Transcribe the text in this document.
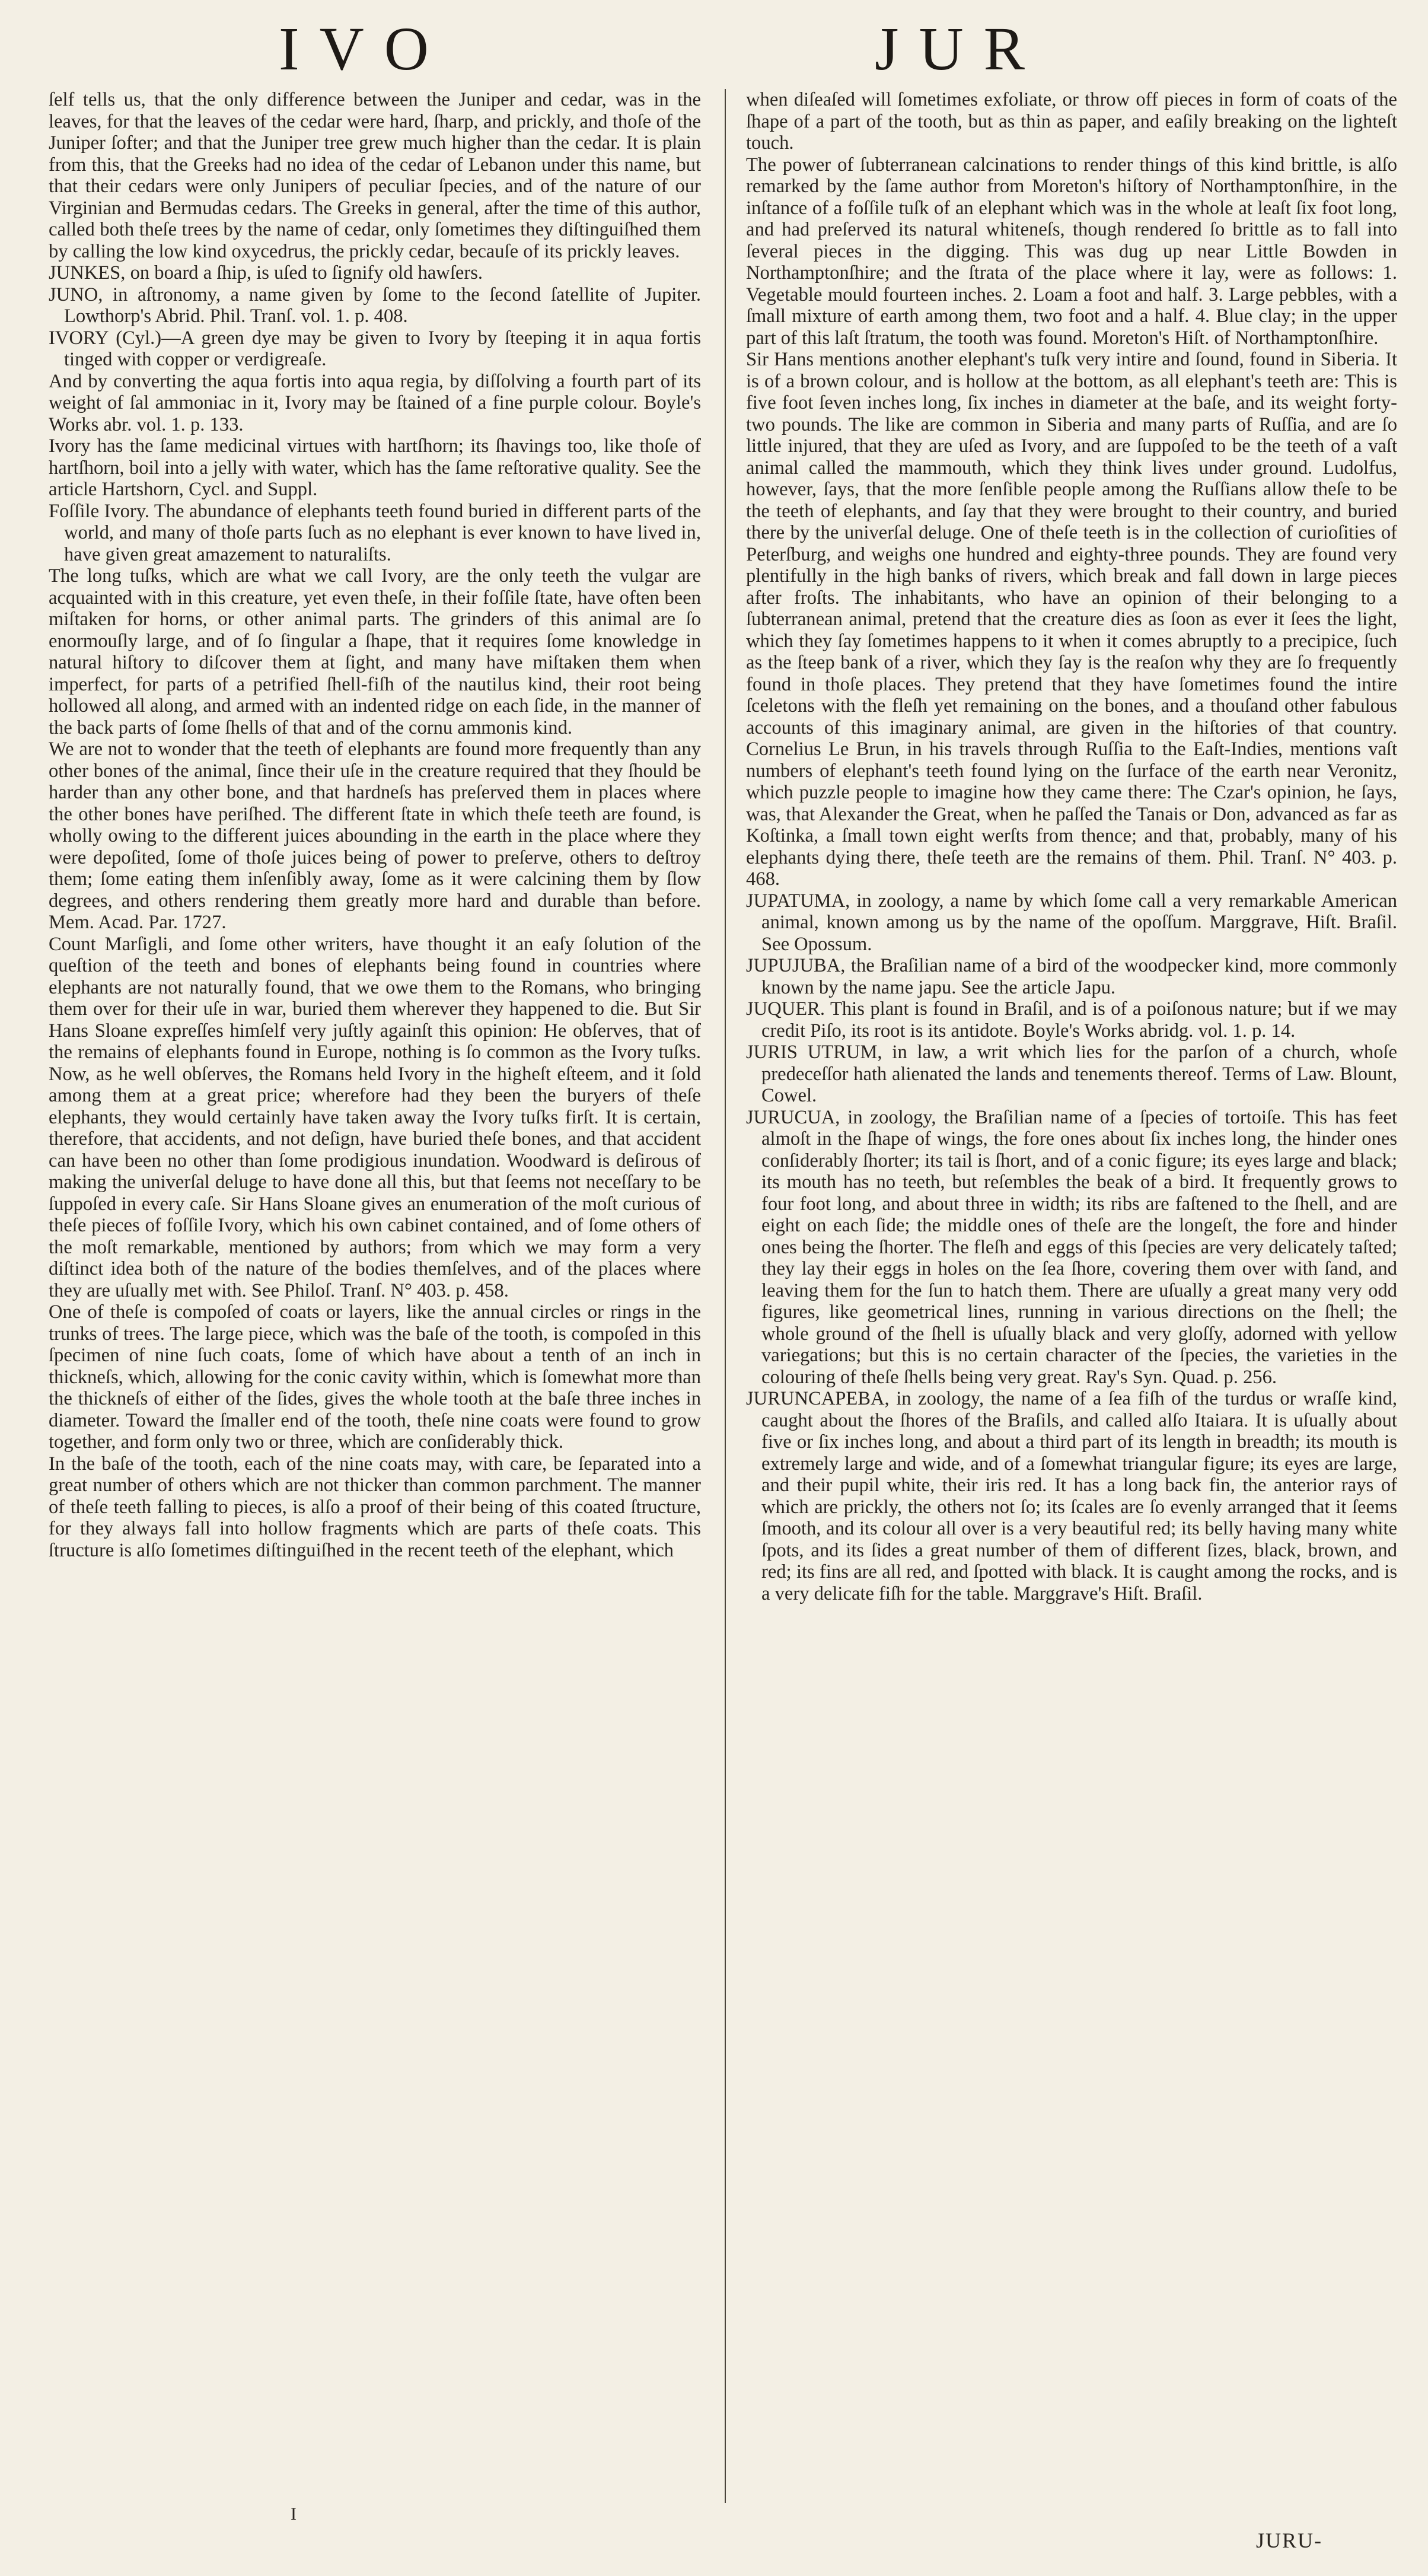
IVO	JUR

ſelf tells us, that the only difference between the Juniper and cedar, was in the leaves, for that the leaves of the cedar were hard, ſharp, and prickly, and thoſe of the Juniper ſofter; and that the Juniper tree grew much higher than the cedar. It is plain from this, that the Greeks had no idea of the cedar of Lebanon under this name, but that their cedars were only Junipers of peculiar ſpecies, and of the nature of our Virginian and Bermudas cedars. The Greeks in general, after the time of this author, called both theſe trees by the name of cedar, only ſometimes they diſtinguiſhed them by calling the low kind oxycedrus, the prickly cedar, becauſe of its prickly leaves.

JUNKES, on board a ſhip, is uſed to ſignify old hawſers.

JUNO, in aſtronomy, a name given by ſome to the ſecond ſatellite of Jupiter. Lowthorp's Abrid. Phil. Tranſ. vol. 1. p. 408.

IVORY (Cyl.)—A green dye may be given to Ivory by ſteeping it in aqua fortis tinged with copper or verdigreaſe.

And by converting the aqua fortis into aqua regia, by diſſolving a fourth part of its weight of ſal ammoniac in it, Ivory may be ſtained of a fine purple colour. Boyle's Works abr. vol. 1. p. 133.

Ivory has the ſame medicinal virtues with hartſhorn; its ſhavings too, like thoſe of hartſhorn, boil into a jelly with water, which has the ſame reſtorative quality. See the article Hartshorn, Cycl. and Suppl.

Foſſile Ivory. The abundance of elephants teeth found buried in different parts of the world, and many of thoſe parts ſuch as no elephant is ever known to have lived in, have given great amazement to naturaliſts.

The long tuſks, which are what we call Ivory, are the only teeth the vulgar are acquainted with in this creature, yet even theſe, in their foſſile ſtate, have often been miſtaken for horns, or other animal parts. The grinders of this animal are ſo enormouſly large, and of ſo ſingular a ſhape, that it requires ſome knowledge in natural hiſtory to diſcover them at ſight, and many have miſtaken them when imperfect, for parts of a petrified ſhell-fiſh of the nautilus kind, their root being hollowed all along, and armed with an indented ridge on each ſide, in the manner of the back parts of ſome ſhells of that and of the cornu ammonis kind.

We are not to wonder that the teeth of elephants are found more frequently than any other bones of the animal, ſince their uſe in the creature required that they ſhould be harder than any other bone, and that hardneſs has preſerved them in places where the other bones have periſhed. The different ſtate in which theſe teeth are found, is wholly owing to the different juices abounding in the earth in the place where they were depoſited, ſome of thoſe juices being of power to preſerve, others to deſtroy them; ſome eating them inſenſibly away, ſome as it were calcining them by ſlow degrees, and others rendering them greatly more hard and durable than before. Mem. Acad. Par. 1727.

Count Marſigli, and ſome other writers, have thought it an eaſy ſolution of the queſtion of the teeth and bones of elephants being found in countries where elephants are not naturally found, that we owe them to the Romans, who bringing them over for their uſe in war, buried them wherever they happened to die. But Sir Hans Sloane expreſſes himſelf very juſtly againſt this opinion: He obſerves, that of the remains of elephants found in Europe, nothing is ſo common as the Ivory tuſks. Now, as he well obſerves, the Romans held Ivory in the higheſt eſteem, and it ſold among them at a great price; wherefore had they been the buryers of theſe elephants, they would certainly have taken away the Ivory tuſks firſt. It is certain, therefore, that accidents, and not deſign, have buried theſe bones, and that accident can have been no other than ſome prodigious inundation. Woodward is deſirous of making the univerſal deluge to have done all this, but that ſeems not neceſſary to be ſuppoſed in every caſe. Sir Hans Sloane gives an enumeration of the moſt curious of theſe pieces of foſſile Ivory, which his own cabinet contained, and of ſome others of the moſt remarkable, mentioned by authors; from which we may form a very diſtinct idea both of the nature of the bodies themſelves, and of the places where they are uſually met with. See Philoſ. Tranſ. N° 403. p. 458.

One of theſe is compoſed of coats or layers, like the annual circles or rings in the trunks of trees. The large piece, which was the baſe of the tooth, is compoſed in this ſpecimen of nine ſuch coats, ſome of which have about a tenth of an inch in thickneſs, which, allowing for the conic cavity within, which is ſomewhat more than the thickneſs of either of the ſides, gives the whole tooth at the baſe three inches in diameter. Toward the ſmaller end of the tooth, theſe nine coats were found to grow together, and form only two or three, which are conſiderably thick.

In the baſe of the tooth, each of the nine coats may, with care, be ſeparated into a great number of others which are not thicker than common parchment. The manner of theſe teeth falling to pieces, is alſo a proof of their being of this coated ſtructure, for they always fall into hollow fragments which are parts of theſe coats. This ſtructure is alſo ſometimes diſtinguiſhed in the recent teeth of the elephant, which

when diſeaſed will ſometimes exfoliate, or throw off pieces in form of coats of the ſhape of a part of the tooth, but as thin as paper, and eaſily breaking on the lighteſt touch.

The power of ſubterranean calcinations to render things of this kind brittle, is alſo remarked by the ſame author from Moreton's hiſtory of Northamptonſhire, in the inſtance of a foſſile tuſk of an elephant which was in the whole at leaſt ſix foot long, and had preſerved its natural whiteneſs, though rendered ſo brittle as to fall into ſeveral pieces in the digging. This was dug up near Little Bowden in Northamptonſhire; and the ſtrata of the place where it lay, were as follows: 1. Vegetable mould fourteen inches. 2. Loam a foot and half. 3. Large pebbles, with a ſmall mixture of earth among them, two foot and a half. 4. Blue clay; in the upper part of this laſt ſtratum, the tooth was found. Moreton's Hiſt. of Northamptonſhire.

Sir Hans mentions another elephant's tuſk very intire and ſound, found in Siberia. It is of a brown colour, and is hollow at the bottom, as all elephant's teeth are: This is five foot ſeven inches long, ſix inches in diameter at the baſe, and its weight forty-two pounds. The like are common in Siberia and many parts of Ruſſia, and are ſo little injured, that they are uſed as Ivory, and are ſuppoſed to be the teeth of a vaſt animal called the mammouth, which they think lives under ground. Ludolfus, however, ſays, that the more ſenſible people among the Ruſſians allow theſe to be the teeth of elephants, and ſay that they were brought to their country, and buried there by the univerſal deluge. One of theſe teeth is in the collection of curioſities of Peterſburg, and weighs one hundred and eighty-three pounds. They are found very plentifully in the high banks of rivers, which break and fall down in large pieces after froſts. The inhabitants, who have an opinion of their belonging to a ſubterranean animal, pretend that the creature dies as ſoon as ever it ſees the light, which they ſay ſometimes happens to it when it comes abruptly to a precipice, ſuch as the ſteep bank of a river, which they ſay is the reaſon why they are ſo frequently found in thoſe places. They pretend that they have ſometimes found the intire ſceletons with the fleſh yet remaining on the bones, and a thouſand other fabulous accounts of this imaginary animal, are given in the hiſtories of that country. Cornelius Le Brun, in his travels through Ruſſia to the Eaſt-Indies, mentions vaſt numbers of elephant's teeth found lying on the ſurface of the earth near Veronitz, which puzzle people to imagine how they came there: The Czar's opinion, he ſays, was, that Alexander the Great, when he paſſed the Tanais or Don, advanced as far as Koſtinka, a ſmall town eight werſts from thence; and that, probably, many of his elephants dying there, theſe teeth are the remains of them. Phil. Tranſ. N° 403. p. 468.

JUPATUMA, in zoology, a name by which ſome call a very remarkable American animal, known among us by the name of the opoſſum. Marggrave, Hiſt. Braſil. See Opossum.

JUPUJUBA, the Braſilian name of a bird of the woodpecker kind, more commonly known by the name japu. See the article Japu.

JUQUER. This plant is found in Braſil, and is of a poiſonous nature; but if we may credit Piſo, its root is its antidote. Boyle's Works abridg. vol. 1. p. 14.

JURIS UTRUM, in law, a writ which lies for the parſon of a church, whoſe predeceſſor hath alienated the lands and tenements thereof. Terms of Law. Blount, Cowel.

JURUCUA, in zoology, the Braſilian name of a ſpecies of tortoiſe. This has feet almoſt in the ſhape of wings, the fore ones about ſix inches long, the hinder ones conſiderably ſhorter; its tail is ſhort, and of a conic figure; its eyes large and black; its mouth has no teeth, but reſembles the beak of a bird. It frequently grows to four foot long, and about three in width; its ribs are faſtened to the ſhell, and are eight on each ſide; the middle ones of theſe are the longeſt, the fore and hinder ones being the ſhorter. The fleſh and eggs of this ſpecies are very delicately taſted; they lay their eggs in holes on the ſea ſhore, covering them over with ſand, and leaving them for the ſun to hatch them. There are uſually a great many very odd figures, like geometrical lines, running in various directions on the ſhell; the whole ground of the ſhell is uſually black and very gloſſy, adorned with yellow variegations; but this is no certain character of the ſpecies, the varieties in the colouring of theſe ſhells being very great. Ray's Syn. Quad. p. 256.

JURUNCAPEBA, in zoology, the name of a ſea fiſh of the turdus or wraſſe kind, caught about the ſhores of the Braſils, and called alſo Itaiara. It is uſually about five or ſix inches long, and about a third part of its length in breadth; its mouth is extremely large and wide, and of a ſomewhat triangular figure; its eyes are large, and their pupil white, their iris red. It has a long back fin, the anterior rays of which are prickly, the others not ſo; its ſcales are ſo evenly arranged that it ſeems ſmooth, and its colour all over is a very beautiful red; its belly having many white ſpots, and its ſides a great number of them of different ſizes, black, brown, and red; its fins are all red, and ſpotted with black. It is caught among the rocks, and is a very delicate fiſh for the table. Marggrave's Hiſt. Braſil.

I
JURU-
